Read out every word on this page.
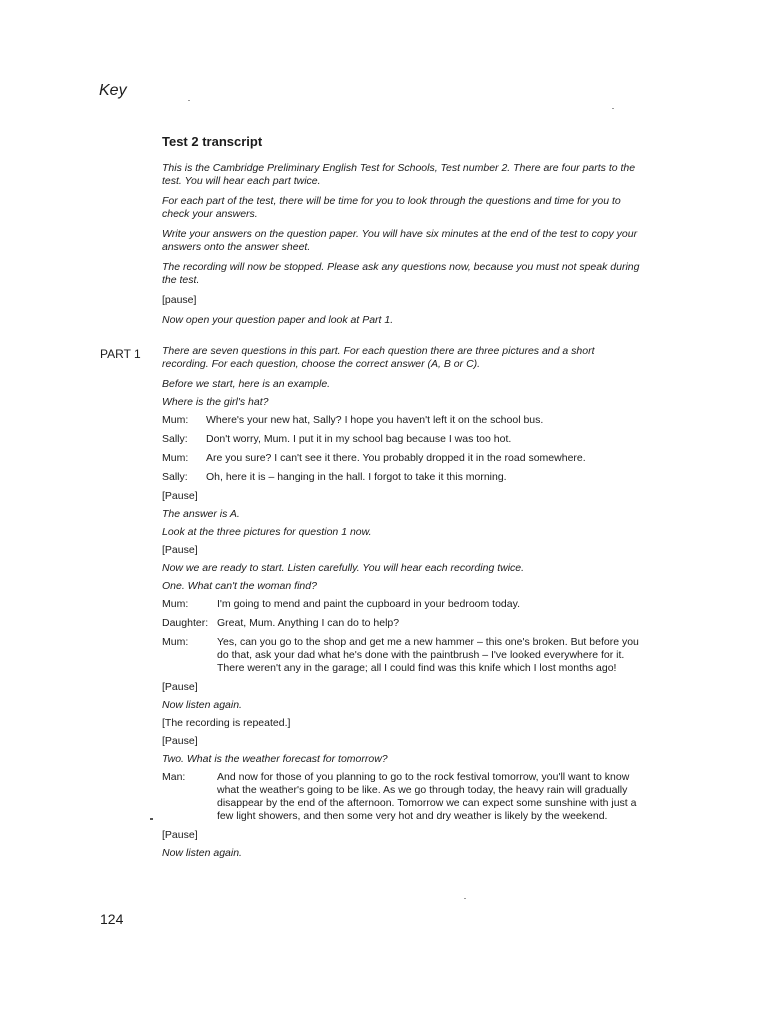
Key
Test 2 transcript

This is the Cambridge Preliminary English Test for Schools, Test number 2. There are four parts to the test. You will hear each part twice.

For each part of the test, there will be time for you to look through the questions and time for you to check your answers.

Write your answers on the question paper. You will have six minutes at the end of the test to copy your answers onto the answer sheet.

The recording will now be stopped. Please ask any questions now, because you must not speak during the test.

[pause]

Now open your question paper and look at Part 1.

PART 1 There are seven questions in this part. For each question there are three pictures and a short recording. For each question, choose the correct answer (A, B or C).
Before we start, here is an example.
Where is the girl's hat?
Mum:	Where's your new hat, Sally? I hope you haven't left it on the school bus.
Sally:	Don't worry, Mum. I put it in my school bag because I was too hot.
Mum:	Are you sure? I can't see it there. You probably dropped it in the road somewhere.
Sally:	Oh, here it is – hanging in the hall. I forgot to take it this morning.
[Pause]
The answer is A.
Look at the three pictures for question 1 now.
[Pause]
Now we are ready to start. Listen carefully. You will hear each recording twice.
One. What can't the woman find?
Mum:	I'm going to mend and paint the cupboard in your bedroom today.
Daughter: Great, Mum. Anything I can do to help?
Mum:	Yes, can you go to the shop and get me a new hammer – this one's broken. But before you do that, ask your dad what he's done with the paintbrush – I've looked everywhere for it. There weren't any in the garage; all I could find was this knife which I lost months ago!
[Pause]
Now listen again.
[The recording is repeated.]
[Pause]
Two. What is the weather forecast for tomorrow?
Man:	And now for those of you planning to go to the rock festival tomorrow, you'll want to know what the weather's going to be like. As we go through today, the heavy rain will gradually disappear by the end of the afternoon. Tomorrow we can expect some sunshine with just a few light showers, and then some very hot and dry weather is likely by the weekend.
[Pause]
Now listen again.
124
